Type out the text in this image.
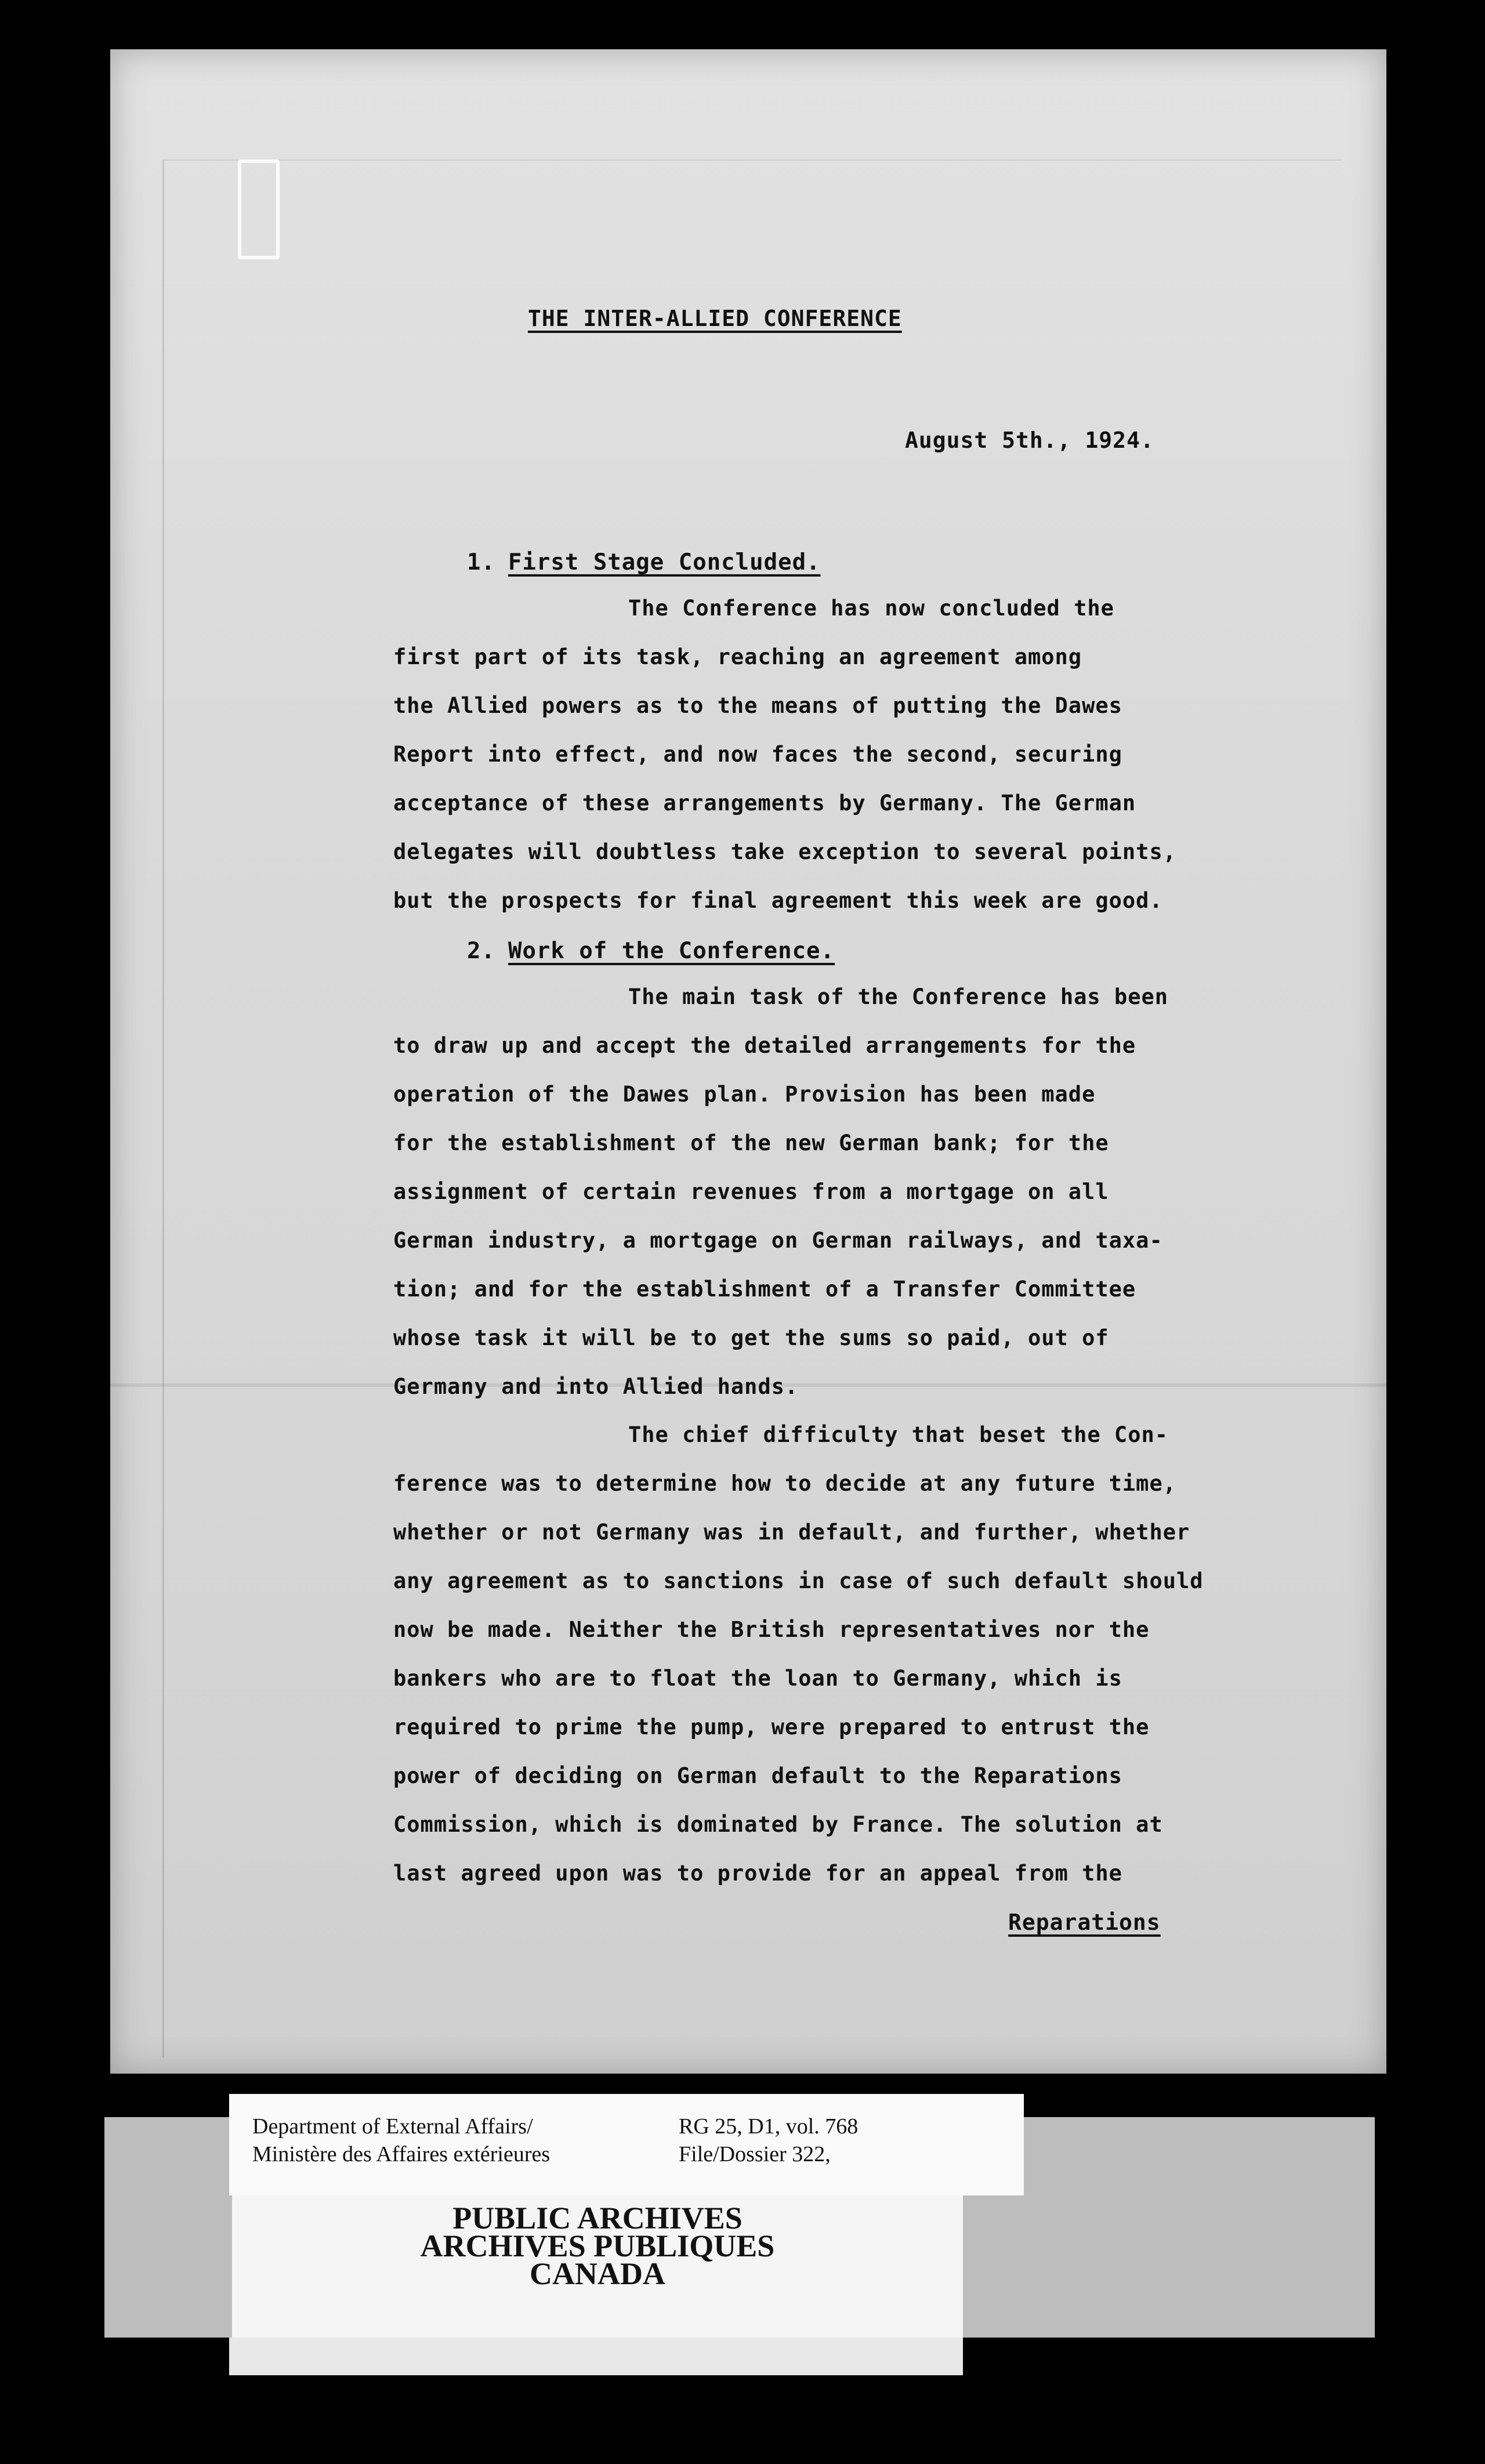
THE INTER-ALLIED CONFERENCE
August 5th., 1924.
1. First Stage Concluded.
The Conference has now concluded the
first part of its task, reaching an agreement among
the Allied powers as to the means of putting the Dawes
Report into effect, and now faces the second, securing
acceptance of these arrangements by Germany. The German
delegates will doubtless take exception to several points,
but the prospects for final agreement this week are good.
2. Work of the Conference.
The main task of the Conference has been
to draw up and accept the detailed arrangements for the
operation of the Dawes plan. Provision has been made
for the establishment of the new German bank; for the
assignment of certain revenues from a mortgage on all
German industry, a mortgage on German railways, and taxa-
tion; and for the establishment of a Transfer Committee
whose task it will be to get the sums so paid, out of
Germany and into Allied hands.
The chief difficulty that beset the Con-
ference was to determine how to decide at any future time,
whether or not Germany was in default, and further, whether
any agreement as to sanctions in case of such default should
now be made. Neither the British representatives nor the
bankers who are to float the loan to Germany, which is
required to prime the pump, were prepared to entrust the
power of deciding on German default to the Reparations
Commission, which is dominated by France. The solution at
last agreed upon was to provide for an appeal from the
Reparations
Department of External Affairs/
Ministère des Affaires extérieures
RG 25, D1, vol. 768
File/Dossier 322,
PUBLIC ARCHIVES
ARCHIVES PUBLIQUES
CANADA
